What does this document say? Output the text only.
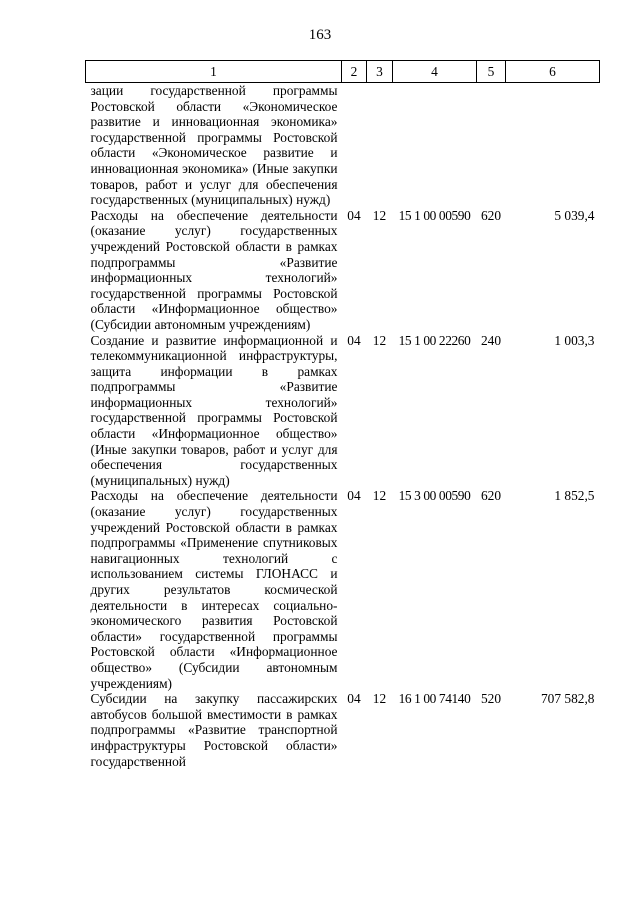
163
1	2	3	4	5	6
зации государственной программы Ростовской области «Экономическое развитие и инновационная экономика» государственной программы Ростовской области «Экономическое развитие и инновационная экономика» (Иные закупки товаров, работ и услуг для обеспечения государственных (муниципальных) нужд)					
Расходы на обеспечение деятельности (оказание услуг) государственных учреждений Ростовской области в рамках подпрограммы «Развитие информационных технологий» государственной программы Ростовской области «Информационное общество» (Субсидии автономным учреждениям)	04	12	15 1 00 00590	620	5 039,4
Создание и развитие информационной и телекоммуникационной инфраструктуры, защита информации в рамках подпрограммы «Развитие информационных технологий» государственной программы Ростовской области «Информационное общество» (Иные закупки товаров, работ и услуг для обеспечения государственных (муниципальных) нужд)	04	12	15 1 00 22260	240	1 003,3
Расходы на обеспечение деятельности (оказание услуг) государственных учреждений Ростовской области в рамках подпрограммы «Применение спутниковых навигационных технологий с использованием системы ГЛОНАСС и других результатов космической деятельности в интересах социально-экономического развития Ростовской области» государственной программы Ростовской области «Информационное общество» (Субсидии автономным учреждениям)	04	12	15 3 00 00590	620	1 852,5
Субсидии на закупку пассажирских автобусов большой вместимости в рамках подпрограммы «Развитие транспортной инфраструктуры Ростовской области» государственной	04	12	16 1 00 74140	520	707 582,8
